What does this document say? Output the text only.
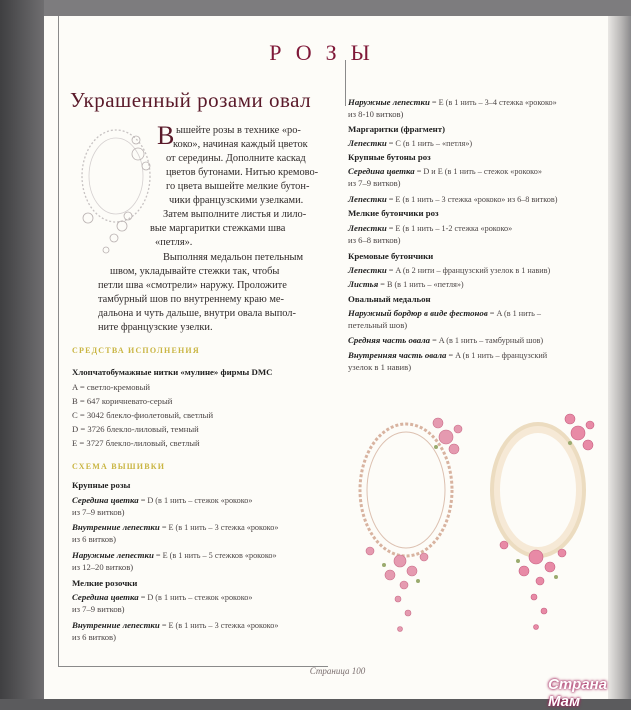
РОЗЫ
Украшенный розами овал
В ышейте розы в технике «ро-
коко», начиная каждый цветок
от середины. Дополните каскад
цветов бутонами. Нитью кремово-
го цвета вышейте мелкие бутон-
чики французскими узелками.
Затем выполните листья и лило-
вые маргаритки стежками шва
«петля».
Выполняя медальон петельным
швом, укладывайте стежки так, чтобы
петли шва «смотрели» наружу. Проложите
тамбурный шов по внутреннему краю ме-
дальона и чуть дальше, внутри овала выпол-
ните французские узелки.
СРЕДСТВА ИСПОЛНЕНИЯ
Хлопчатобумажные нитки «мулине» фирмы DMC
A = светло-кремовый
B = 647 коричневато-серый
C = 3042 блекло-фиолетовый, светлый
D = 3726 блекло-лиловый, темный
E = 3727 блекло-лиловый, светлый
СХЕМА ВЫШИВКИ
Крупные розы
Середина цветка = D (в 1 нить – стежок «рококо»
из 7–9 витков)
Внутренние лепестки = E (в 1 нить – 3 стежка «рококо»
из 6 витков)
Наружные лепестки = E (в 1 нить – 5 стежков «рококо»
из 12–20 витков)
Мелкие розочки
Середина цветка = D (в 1 нить – стежок «рококо»
из 7–9 витков)
Внутренние лепестки = E (в 1 нить – 3 стежка «рококо»
из 6 витков)
Наружные лепестки = E (в 1 нить – 3–4 стежка «рококо»
из 8-10 витков)
Маргаритки (фрагмент)
Лепестки = C (в 1 нить – «петля»)
Крупные бутоны роз
Середина цветка = D и E (в 1 нить – стежок «рококо»
из 7–9 витков)
Лепестки = E (в 1 нить – 3 стежка «рококо» из 6–8 витков)
Мелкие бутончики роз
Лепестки = E (в 1 нить – 1-2 стежка «рококо»
из 6–8 витков)
Кремовые бутончики
Лепестки = A (в 2 нити – французский узелок в 1 навив)
Листья = B (в 1 нить – «петля»)
Овальный медальон
Наружный бордюр в виде фестонов = A (в 1 нить –
петельный шов)
Средняя часть овала = A (в 1 нить – тамбурный шов)
Внутренняя часть овала = A (в 1 нить – французский
узелок в 1 навив)
Страница 100
Страна Мам
